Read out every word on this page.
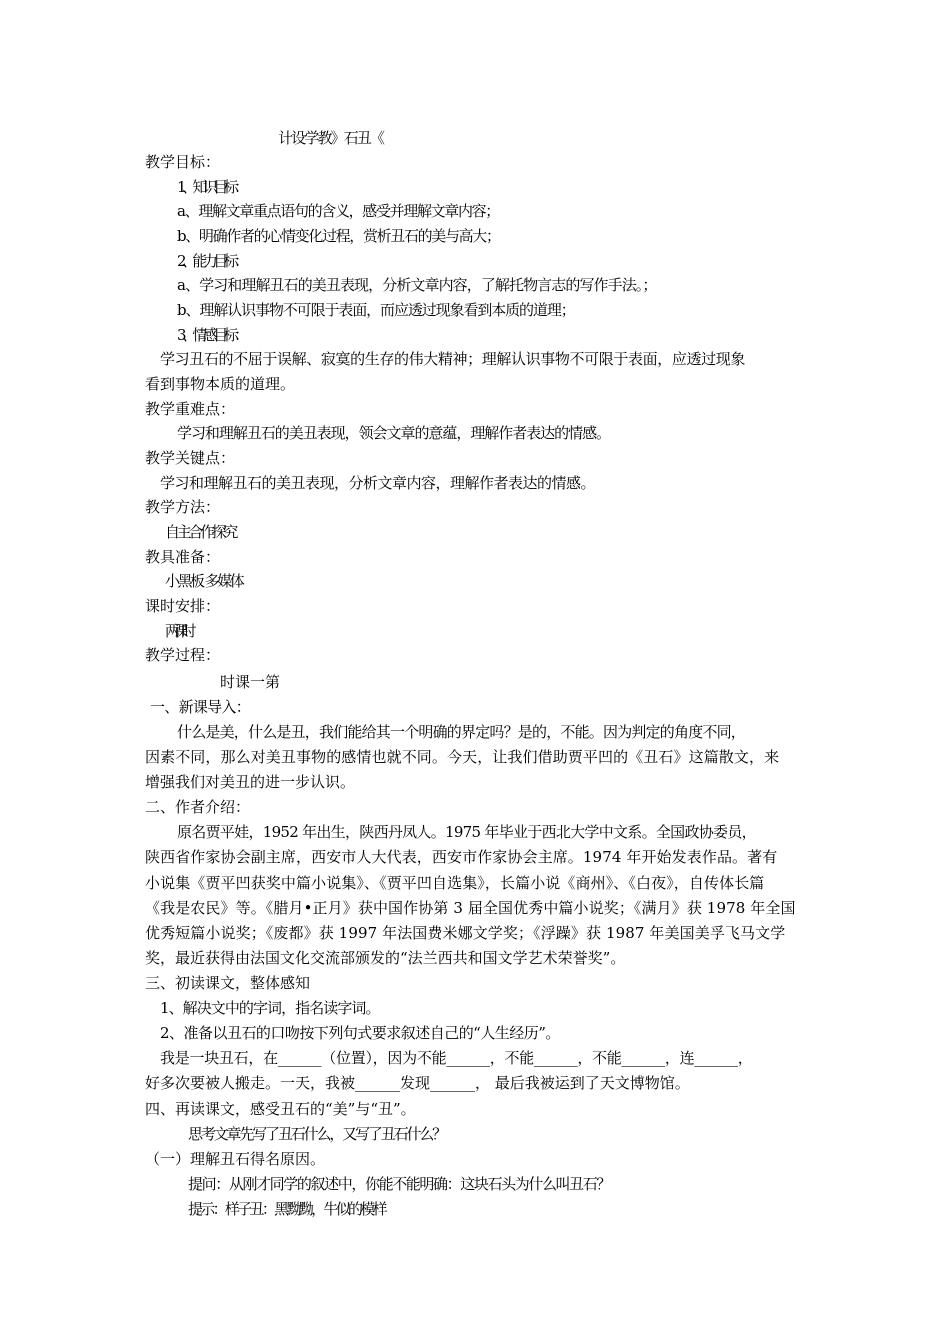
教学目标：
1、知识目标：
a、理解文章重点语句的含义，感受并理解文章内容；
b、明确作者的心情变化过程，赏析丑石的美与高大；
2、能力目标：
a、学习和理解丑石的美丑表现，分析文章内容，了解托物言志的写作手法。；
b、理解认识事物不可限于表面，而应透过现象看到本质的道理；
3、情感目标：
学习丑石的不屈于误解、寂寞的生存的伟大精神；理解认识事物不可限于表面，应透过现象
看到事物本质的道理。
教学重难点：
学习和理解丑石的美丑表现，领会文章的意蕴，理解作者表达的情感。
教学关键点：
学习和理解丑石的美丑表现，分析文章内容，理解作者表达的情感。
教学方法：
自主合作探究
教具准备：
小黑板 多媒体
课时安排：
两课时
教学过程：
一、新课导入：
什么是美，什么是丑，我们能给其一个明确的界定吗？是的，不能。因为判定的角度不同，
因素不同，那么对美丑事物的感情也就不同。今天，让我们借助贾平凹的《丑石》这篇散文，来
增强我们对美丑的进一步认识。
二、作者介绍：
原名贾平娃，1952 年出生，陕西丹凤人。1975 年毕业于西北大学中文系。全国政协委员，
陕西省作家协会副主席，西安市人大代表，西安市作家协会主席。1974 年开始发表作品。著有
小说集《贾平凹获奖中篇小说集》、《贾平凹自选集》，长篇小说《商州》、《白夜》，自传体长篇
《我是农民》等。《腊月•正月》获中国作协第 3 届全国优秀中篇小说奖；《满月》获 1978 年全国
优秀短篇小说奖；《废都》获 1997 年法国费米娜文学奖；《浮躁》获 1987 年美国美孚飞马文学
奖，最近获得由法国文化交流部颁发的“法兰西共和国文学艺术荣誉奖”。
三、初读课文，整体感知
1、解决文中的字词，指名读字词。
2、准备以丑石的口吻按下列句式要求叙述自己的“人生经历”。
我是一块丑石，在______（位置），因为不能______，不能______，不能______，连______，
好多次要被人搬走。一天，我被______发现______， 最后我被运到了天文博物馆。
四、再读课文，感受丑石的“美”与“丑”。
思考文章先写了丑石什么，又写了丑石什么？
（一）理解丑石得名原因。
提问：从刚才同学的叙述中，你能不能明确：这块石头为什么叫丑石？
提示：样子丑：黑黝黝，牛似的模样
